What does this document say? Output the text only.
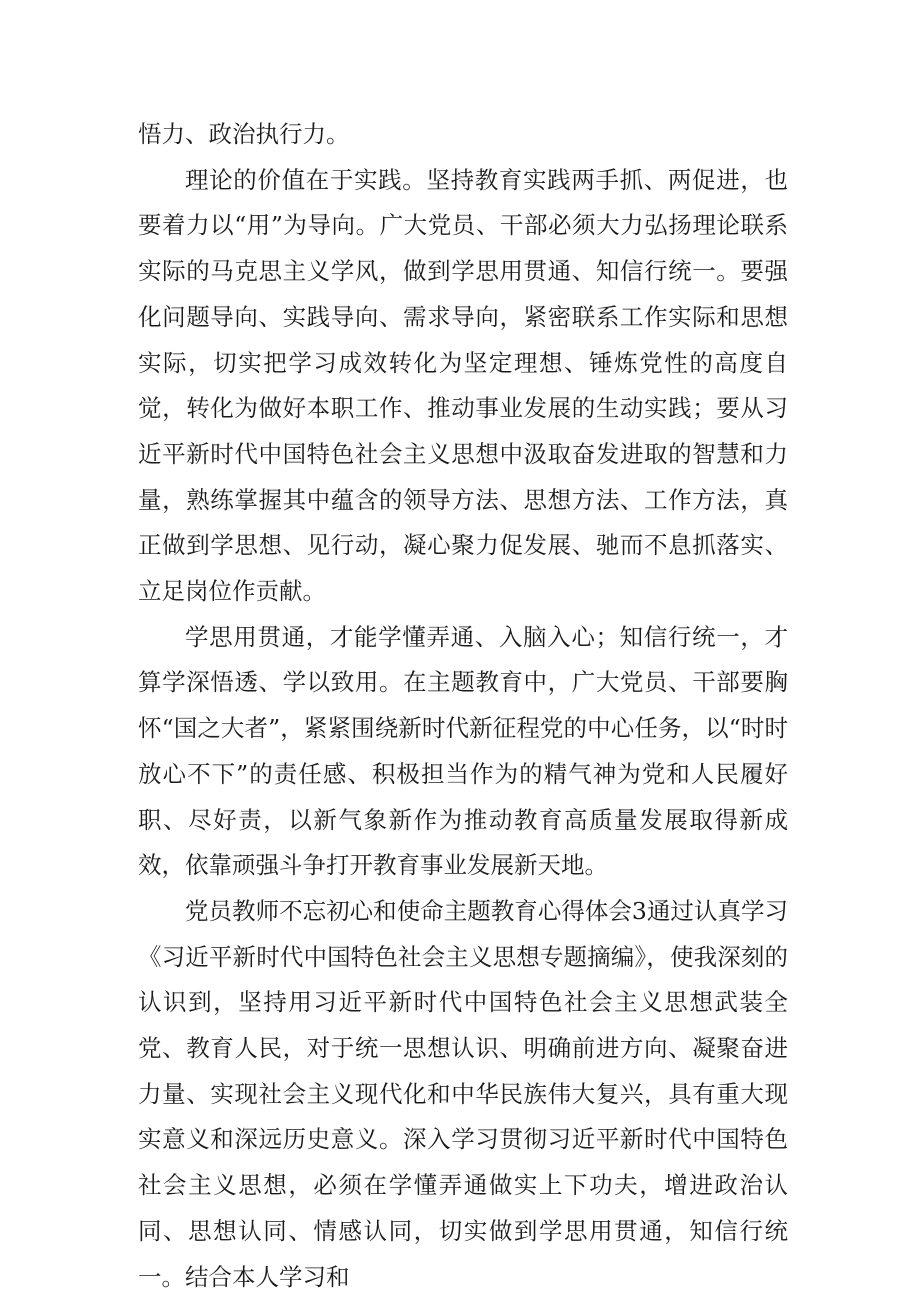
悟力、政治执行力。

理论的价值在于实践。坚持教育实践两手抓、两促进，也要着力以“用”为导向。广大党员、干部必须大力弘扬理论联系实际的马克思主义学风，做到学思用贯通、知信行统一。要强化问题导向、实践导向、需求导向，紧密联系工作实际和思想实际，切实把学习成效转化为坚定理想、锤炼党性的高度自觉，转化为做好本职工作、推动事业发展的生动实践；要从习近平新时代中国特色社会主义思想中汲取奋发进取的智慧和力量，熟练掌握其中蕴含的领导方法、思想方法、工作方法，真正做到学思想、见行动，凝心聚力促发展、驰而不息抓落实、立足岗位作贡献。

学思用贯通，才能学懂弄通、入脑入心；知信行统一，才算学深悟透、学以致用。在主题教育中，广大党员、干部要胸怀“国之大者”，紧紧围绕新时代新征程党的中心任务，以“时时放心不下”的责任感、积极担当作为的精气神为党和人民履好职、尽好责，以新气象新作为推动教育高质量发展取得新成效，依靠顽强斗争打开教育事业发展新天地。

党员教师不忘初心和使命主题教育心得体会3通过认真学习《习近平新时代中国特色社会主义思想专题摘编》，使我深刻的认识到，坚持用习近平新时代中国特色社会主义思想武装全党、教育人民，对于统一思想认识、明确前进方向、凝聚奋进力量、实现社会主义现代化和中华民族伟大复兴，具有重大现实意义和深远历史意义。深入学习贯彻习近平新时代中国特色社会主义思想，必须在学懂弄通做实上下功夫，增进政治认同、思想认同、情感认同，切实做到学思用贯通，知信行统一。结合本人学习和
